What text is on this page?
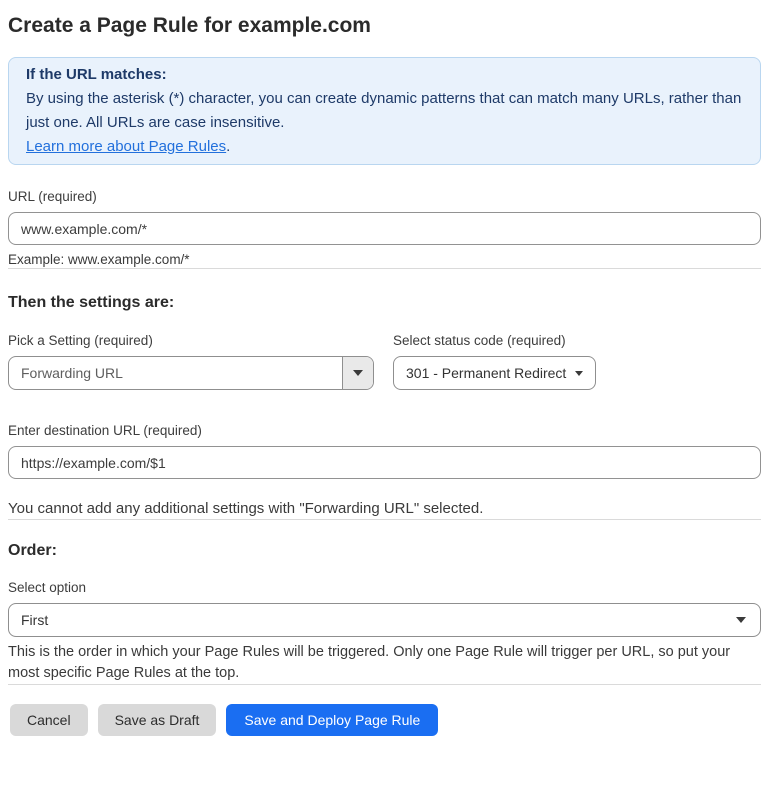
Create a Page Rule for example.com
If the URL matches:
By using the asterisk (*) character, you can create dynamic patterns that can match many URLs, rather than just one. All URLs are case insensitive.
Learn more about Page Rules.
URL (required)
www.example.com/*
Example: www.example.com/*
Then the settings are:
Pick a Setting (required)
Forwarding URL
Select status code (required)
301 - Permanent Redirect
Enter destination URL (required)
https://example.com/$1

You cannot add any additional settings with "Forwarding URL" selected.

Order:
Select option
First

This is the order in which your Page Rules will be triggered. Only one Page Rule will trigger per URL, so put your most specific Page Rules at the top.

Cancel	Save as Draft	Save and Deploy Page Rule
